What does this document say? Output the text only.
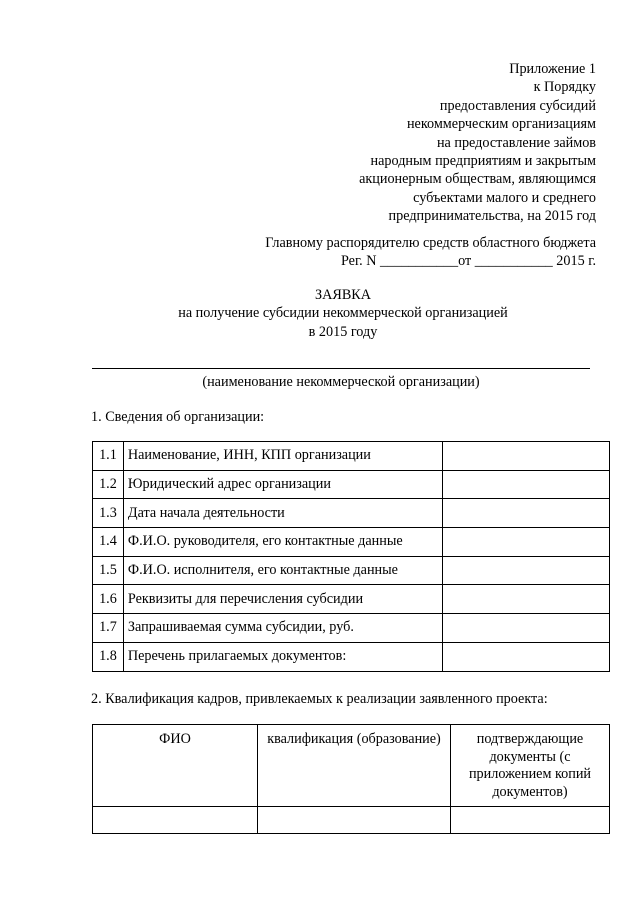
Приложение 1
к Порядку
предоставления субсидий
некоммерческим организациям
на предоставление займов
народным предприятиям и закрытым
акционерным обществам, являющимся
субъектами малого и среднего
предпринимательства, на 2015 год
Главному распорядителю средств областного бюджета
Рег. N ___________от ___________ 2015 г.
ЗАЯВКА
на получение субсидии некоммерческой организацией
в 2015 году
(наименование некоммерческой организации)
1. Сведения об организации:
1.1	Наименование, ИНН, КПП организации	
1.2	Юридический адрес организации	
1.3	Дата начала деятельности	
1.4	Ф.И.О. руководителя, его контактные данные	
1.5	Ф.И.О. исполнителя, его контактные данные	
1.6	Реквизиты для перечисления субсидии	
1.7	Запрашиваемая сумма субсидии, руб.	
1.8	Перечень прилагаемых документов:	
2. Квалификация кадров, привлекаемых к реализации заявленного проекта:
ФИО	квалификация (образование)	подтверждающие документы (с приложением копий документов)
